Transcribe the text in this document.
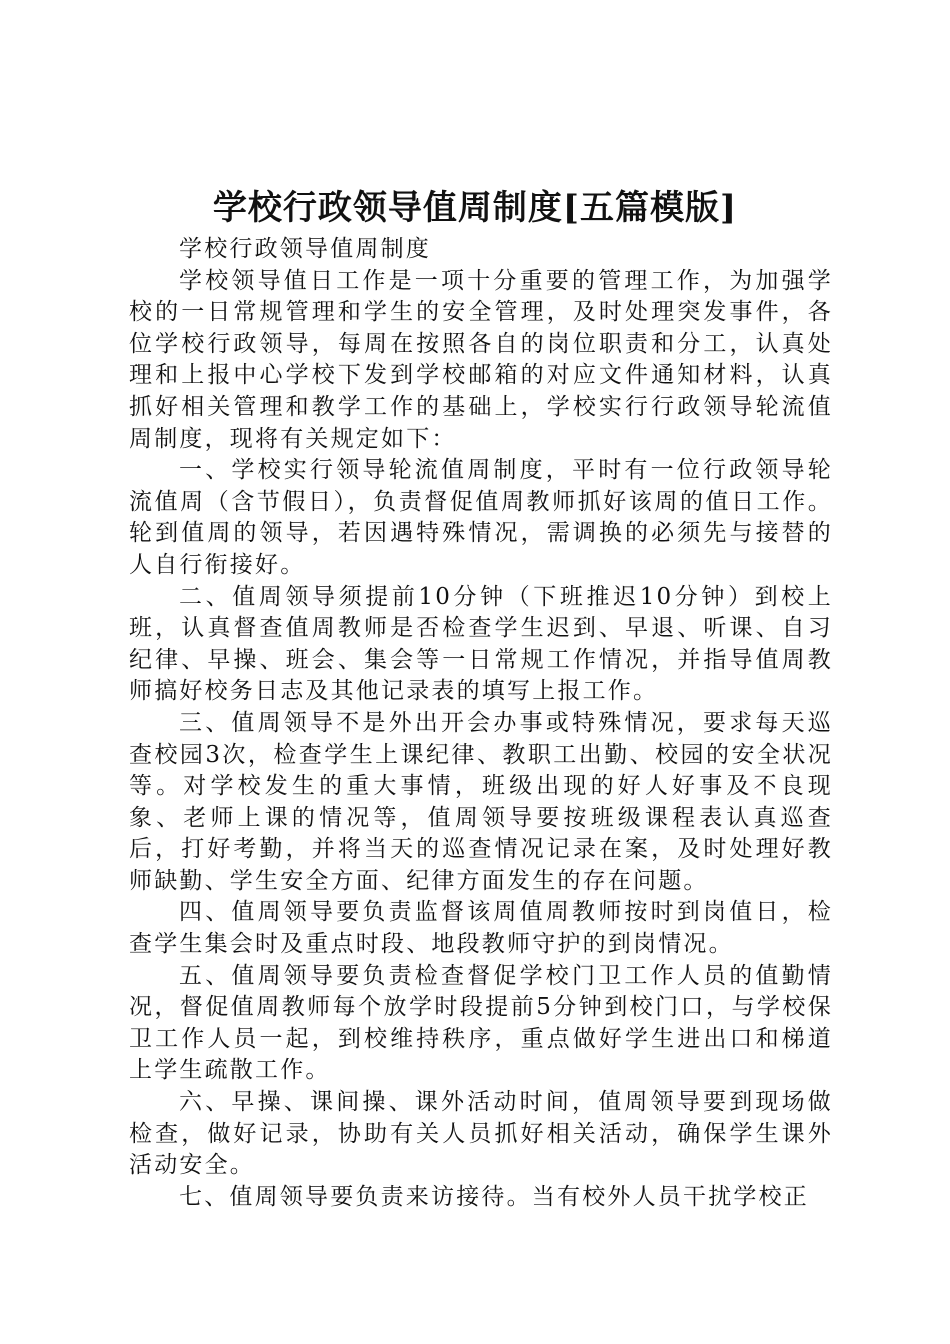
学校行政领导值周制度[五篇模版]

学校行政领导值周制度

学校领导值日工作是一项十分重要的管理工作，为加强学校的一日常规管理和学生的安全管理，及时处理突发事件，各位学校行政领导，每周在按照各自的岗位职责和分工，认真处理和上报中心学校下发到学校邮箱的对应文件通知材料，认真抓好相关管理和教学工作的基础上，学校实行行政领导轮流值周制度，现将有关规定如下：

一、学校实行领导轮流值周制度，平时有一位行政领导轮流值周（含节假日），负责督促值周教师抓好该周的值日工作。轮到值周的领导，若因遇特殊情况，需调换的必须先与接替的人自行衔接好。

二、值周领导须提前10分钟（下班推迟10分钟）到校上班，认真督查值周教师是否检查学生迟到、早退、听课、自习纪律、早操、班会、集会等一日常规工作情况，并指导值周教师搞好校务日志及其他记录表的填写上报工作。

三、值周领导不是外出开会办事或特殊情况，要求每天巡查校园3次，检查学生上课纪律、教职工出勤、校园的安全状况等。对学校发生的重大事情，班级出现的好人好事及不良现象、老师上课的情况等，值周领导要按班级课程表认真巡查后，打好考勤，并将当天的巡查情况记录在案，及时处理好教师缺勤、学生安全方面、纪律方面发生的存在问题。

四、值周领导要负责监督该周值周教师按时到岗值日，检查学生集会时及重点时段、地段教师守护的到岗情况。

五、值周领导要负责检查督促学校门卫工作人员的值勤情况，督促值周教师每个放学时段提前5分钟到校门口，与学校保卫工作人员一起，到校维持秩序，重点做好学生进出口和梯道上学生疏散工作。

六、早操、课间操、课外活动时间，值周领导要到现场做检查，做好记录，协助有关人员抓好相关活动，确保学生课外活动安全。

七、值周领导要负责来访接待。当有校外人员干扰学校正
